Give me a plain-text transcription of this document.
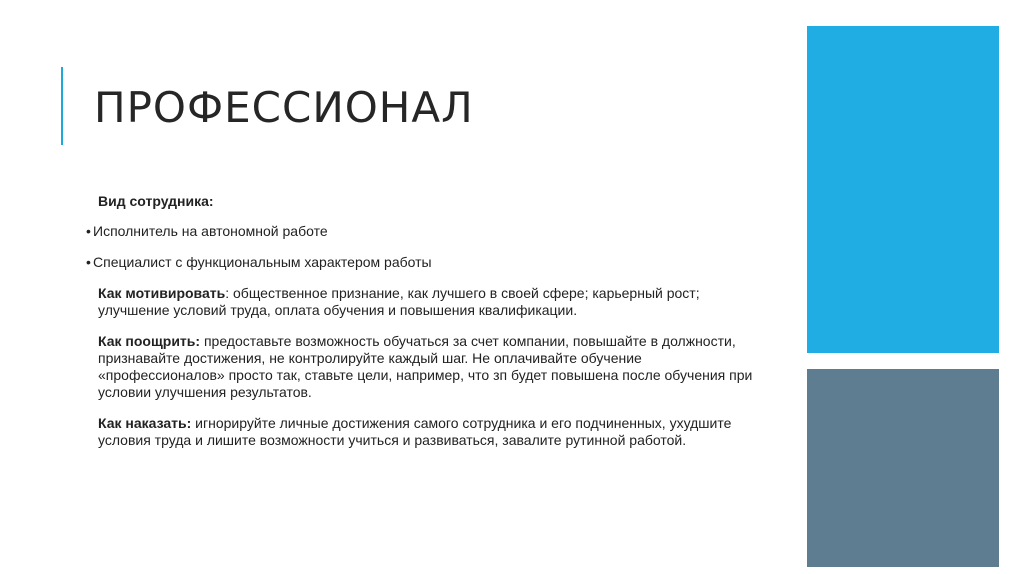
ПРОФЕССИОНАЛ

Вид сотрудника:

• Исполнитель на автономной работе
• Специалист с функциональным характером работы

Как мотивировать: общественное признание, как лучшего в своей сфере; карьерный рост; улучшение условий труда, оплата обучения и повышения квалификации.

Как поощрить: предоставьте возможность обучаться за счет компании, повышайте в должности, признавайте достижения, не контролируйте каждый шаг. Не оплачивайте обучение «профессионалов» просто так, ставьте цели, например, что зп будет повышена после обучения при условии улучшения результатов.

Как наказать: игнорируйте личные достижения самого сотрудника и его подчиненных, ухудшите условия труда и лишите возможности учиться и развиваться, завалите рутинной работой.
